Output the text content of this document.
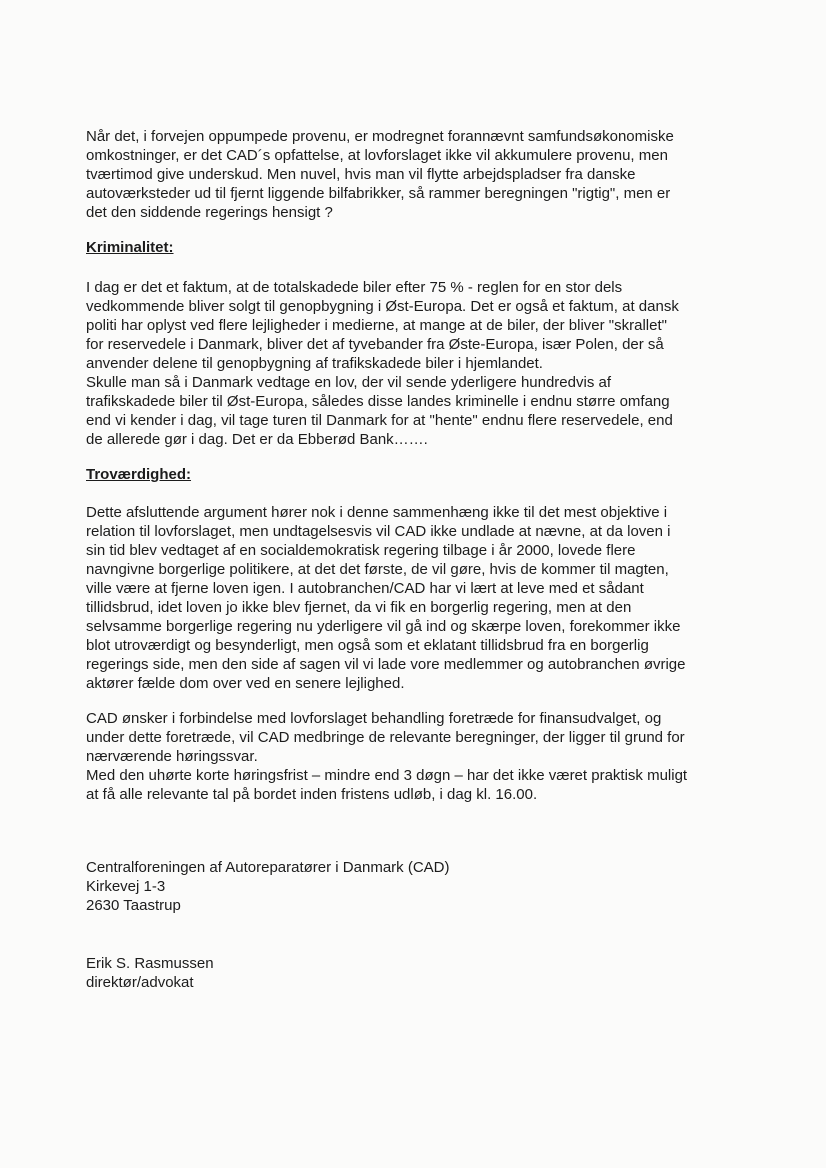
Når det, i forvejen oppumpede provenu, er modregnet forannævnt samfundsøkonomiske
omkostninger, er det CAD´s opfattelse, at lovforslaget ikke vil akkumulere provenu, men
tværtimod give underskud. Men nuvel, hvis man vil flytte arbejdspladser fra danske
autoværksteder ud til fjernt liggende bilfabrikker, så rammer beregningen "rigtig", men er
det den siddende regerings hensigt ?
Kriminalitet:
I dag er det et faktum, at de totalskadede biler efter 75 % - reglen for en stor dels
vedkommende bliver solgt til genopbygning i Øst-Europa. Det er også et faktum, at dansk
politi har oplyst ved flere lejligheder i medierne, at mange at de biler, der bliver "skrallet"
for reservedele i Danmark, bliver det af tyvebander fra Øste-Europa, især Polen, der så
anvender delene til genopbygning af trafikskadede biler i hjemlandet.
Skulle man så i Danmark vedtage en lov, der vil sende yderligere hundredvis af
trafikskadede biler til Øst-Europa, således disse landes kriminelle i endnu større omfang
end vi kender i dag, vil tage turen til Danmark for at "hente" endnu flere reservedele, end
de allerede gør i dag. Det er da Ebberød Bank…….
Troværdighed:
Dette afsluttende argument hører nok i denne sammenhæng ikke til det mest objektive i
relation til lovforslaget, men undtagelsesvis vil CAD ikke undlade at nævne, at da loven i
sin tid blev vedtaget af en socialdemokratisk regering tilbage i år 2000, lovede flere
navngivne borgerlige politikere, at det det første, de vil gøre, hvis de kommer til magten,
ville være at fjerne loven igen. I autobranchen/CAD har vi lært at leve med et sådant
tillidsbrud, idet loven jo ikke blev fjernet, da vi fik en borgerlig regering, men at den
selvsamme borgerlige regering nu yderligere vil gå ind og skærpe loven, forekommer ikke
blot utroværdigt og besynderligt, men også som et eklatant tillidsbrud fra en borgerlig
regerings side, men den side af sagen vil vi lade vore medlemmer og autobranchen øvrige
aktører fælde dom over ved en senere lejlighed.
CAD ønsker i forbindelse med lovforslaget behandling foretræde for finansudvalget, og
under dette foretræde, vil CAD medbringe de relevante beregninger, der ligger til grund for
nærværende høringssvar.
Med den uhørte korte høringsfrist – mindre end 3 døgn – har det ikke været praktisk muligt
at få alle relevante tal på bordet inden fristens udløb, i dag kl. 16.00.
Centralforeningen af Autoreparatører i Danmark (CAD)
Kirkevej 1-3
2630 Taastrup
Erik S. Rasmussen
direktør/advokat
